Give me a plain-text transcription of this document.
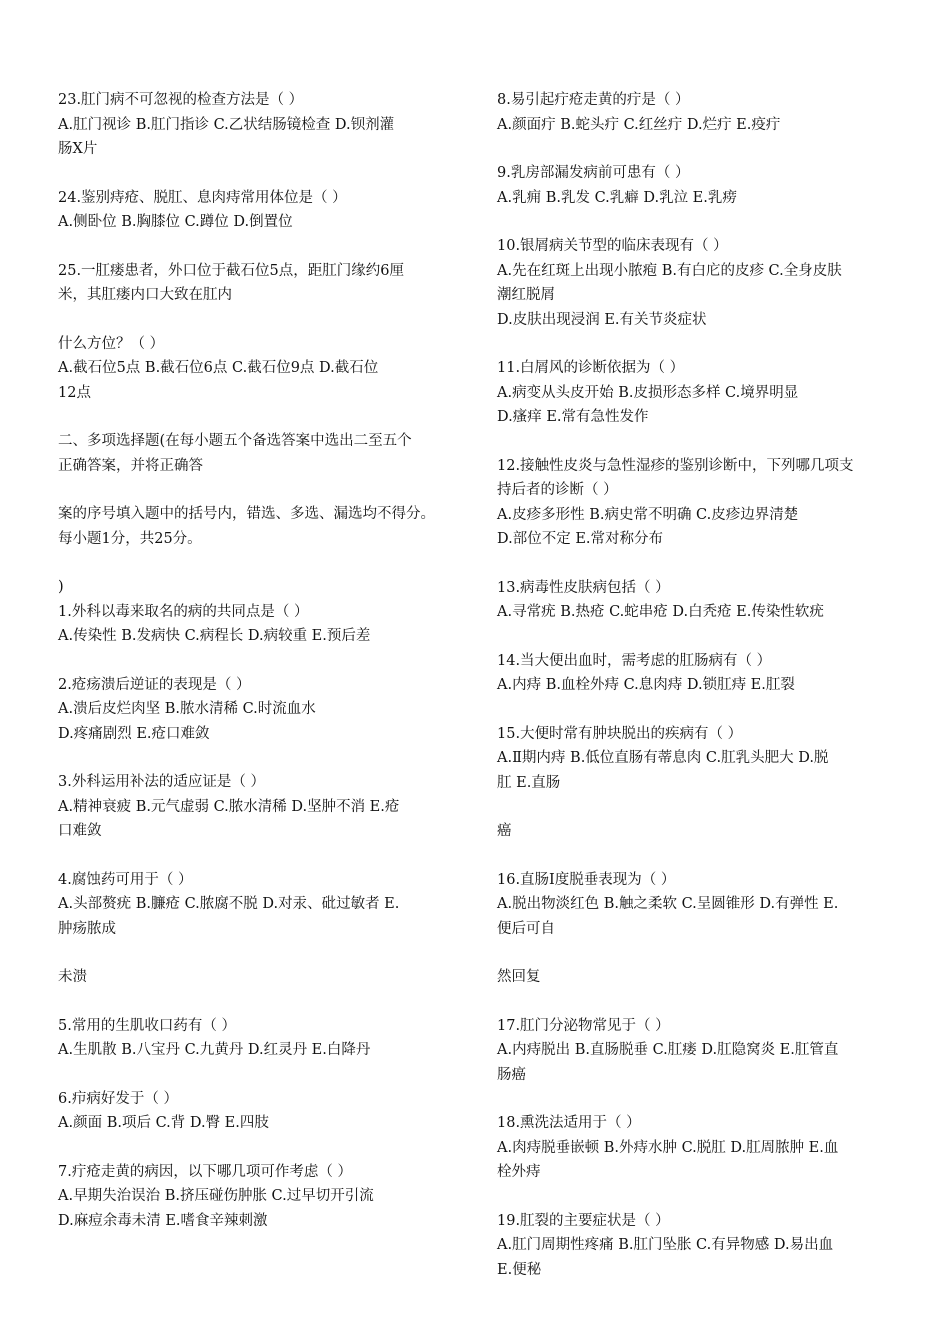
23.肛门病不可忽视的检查方法是（ ）
A.肛门视诊 B.肛门指诊 C.乙状结肠镜检查 D.钡剂灌
肠X片

24.鉴别痔疮、脱肛、息肉痔常用体位是（ ）
A.侧卧位 B.胸膝位 C.蹲位 D.倒置位

25.一肛瘘患者，外口位于截石位5点，距肛门缘约6厘
米，其肛瘘内口大致在肛内

什么方位？（ ）
A.截石位5点 B.截石位6点 C.截石位9点 D.截石位
12点

二、多项选择题(在每小题五个备选答案中选出二至五个
正确答案，并将正确答

案的序号填入题中的括号内，错选、多选、漏选均不得分。
每小题1分，共25分。

)
1.外科以毒来取名的病的共同点是（ ）
A.传染性 B.发病快 C.病程长 D.病较重 E.预后差

2.疮疡溃后逆证的表现是（ ）
A.溃后皮烂肉坚 B.脓水清稀 C.时流血水
D.疼痛剧烈 E.疮口难敛

3.外科运用补法的适应证是（ ）
A.精神衰疲 B.元气虚弱 C.脓水清稀 D.坚肿不消 E.疮
口难敛

4.腐蚀药可用于（ ）
A.头部赘疣 B.臁疮 C.脓腐不脱 D.对汞、砒过敏者 E.
肿疡脓成

未溃

5.常用的生肌收口药有（ ）
A.生肌散 B.八宝丹 C.九黄丹 D.红灵丹 E.白降丹

6.疖病好发于（ ）
A.颜面 B.项后 C.背 D.臀 E.四肢

7.疔疮走黄的病因，以下哪几项可作考虑（ ）
A.早期失治误治 B.挤压碰伤肿胀 C.过早切开引流
D.麻痘余毒未清 E.嗜食辛辣刺激

8.易引起疔疮走黄的疔是（ ）
A.颜面疔 B.蛇头疔 C.红丝疔 D.烂疔 E.疫疔

9.乳房部漏发病前可患有（ ）
A.乳痈 B.乳发 C.乳癖 D.乳泣 E.乳痨

10.银屑病关节型的临床表现有（ ）
A.先在红斑上出现小脓疱 B.有白庀的皮疹 C.全身皮肤
潮红脱屑
D.皮肤出现浸润 E.有关节炎症状

11.白屑风的诊断依据为（ ）
A.病变从头皮开始 B.皮损形态多样 C.境界明显
D.瘙痒 E.常有急性发作

12.接触性皮炎与急性湿疹的鉴别诊断中，下列哪几项支
持后者的诊断（ ）
A.皮疹多形性 B.病史常不明确 C.皮疹边界清楚
D.部位不定 E.常对称分布

13.病毒性皮肤病包括（ ）
A.寻常疣 B.热疮 C.蛇串疮 D.白秃疮 E.传染性软疣

14.当大便出血时，需考虑的肛肠病有（ ）
A.内痔 B.血栓外痔 C.息肉痔 D.锁肛痔 E.肛裂

15.大便时常有肿块脱出的疾病有（ ）
A.Ⅱ期内痔 B.低位直肠有蒂息肉 C.肛乳头肥大 D.脱
肛 E.直肠

癌

16.直肠Ⅰ度脱垂表现为（ ）
A.脱出物淡红色 B.触之柔软 C.呈圆锥形 D.有弹性 E.
便后可自

然回复

17.肛门分泌物常见于（ ）
A.内痔脱出 B.直肠脱垂 C.肛瘘 D.肛隐窝炎 E.肛管直
肠癌

18.熏洗法适用于（ ）
A.肉痔脱垂嵌顿 B.外痔水肿 C.脱肛 D.肛周脓肿 E.血
栓外痔

19.肛裂的主要症状是（ ）
A.肛门周期性疼痛 B.肛门坠胀 C.有异物感 D.易出血
E.便秘
